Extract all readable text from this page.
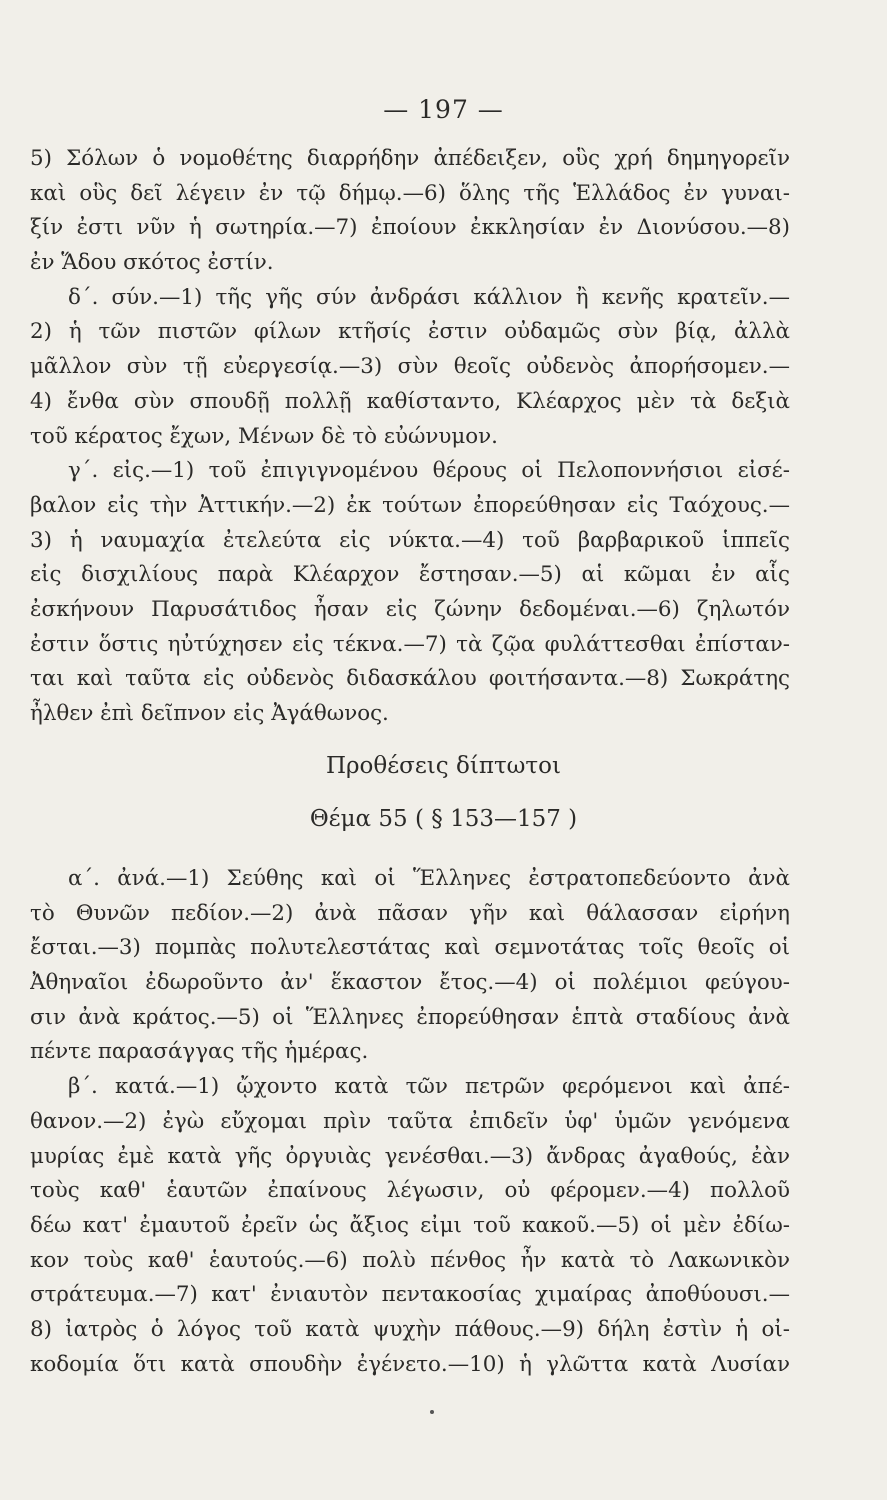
— 197 —
5) Σόλων ὁ νομοθέτης διαρρήδην ἀπέδειξεν, οὓς χρή δημηγορεῖν
καὶ οὓς δεῖ λέγειν ἐν τῷ δήμῳ.—6) ὅλης τῆς Ἑλλάδος ἐν γυναι-
ξίν ἐστι νῦν ἡ σωτηρία.—7) ἐποίουν ἐκκλησίαν ἐν Διονύσου.—8)
ἐν Ἅδου σκότος ἐστίν.
δ΄. σύν.—1) τῆς γῆς σύν ἀνδράσι κάλλιον ἢ κενῆς κρατεῖν.—
2) ἡ τῶν πιστῶν φίλων κτῆσίς ἐστιν οὐδαμῶς σὺν βίᾳ, ἀλλὰ
μᾶλλον σὺν τῇ εὐεργεσίᾳ.—3) σὺν θεοῖς οὐδενὸς ἀπορήσομεν.—
4) ἔνθα σὺν σπουδῇ πολλῇ καθίσταντο, Κλέαρχος μὲν τὰ δεξιὰ
τοῦ κέρατος ἔχων, Μένων δὲ τὸ εὐώνυμον.
γ΄. εἰς.—1) τοῦ ἐπιγιγνομένου θέρους οἱ Πελοποννήσιοι εἰσέ-
βαλον εἰς τὴν Ἀττικήν.—2) ἐκ τούτων ἐπορεύθησαν εἰς Ταόχους.—
3) ἡ ναυμαχία ἐτελεύτα εἰς νύκτα.—4) τοῦ βαρβαρικοῦ ἱππεῖς
εἰς δισχιλίους παρὰ Κλέαρχον ἔστησαν.—5) αἱ κῶμαι ἐν αἷς
ἐσκήνουν Παρυσάτιδος ἦσαν εἰς ζώνην δεδομέναι.—6) ζηλωτόν
ἐστιν ὅστις ηὐτύχησεν εἰς τέκνα.—7) τὰ ζῷα φυλάττεσθαι ἐπίσταν-
ται καὶ ταῦτα εἰς οὐδενὸς διδασκάλου φοιτήσαντα.—8) Σωκράτης
ἦλθεν ἐπὶ δεῖπνον εἰς Ἀγάθωνος.
Προθέσεις δίπτωτοι
Θέμα 55 ( § 153—157 )
α΄. ἀνά.—1) Σεύθης καὶ οἱ Ἕλληνες ἐστρατοπεδεύοντο ἀνὰ
τὸ Θυνῶν πεδίον.—2) ἀνὰ πᾶσαν γῆν καὶ θάλασσαν εἰρήνη
ἔσται.—3) πομπὰς πολυτελεστάτας καὶ σεμνοτάτας τοῖς θεοῖς οἱ
Ἀθηναῖοι ἐδωροῦντο ἀν' ἕκαστον ἔτος.—4) οἱ πολέμιοι φεύγου-
σιν ἀνὰ κράτος.—5) οἱ Ἕλληνες ἐπορεύθησαν ἑπτὰ σταδίους ἀνὰ
πέντε παρασάγγας τῆς ἡμέρας.
β΄. κατά.—1) ᾤχοντο κατὰ τῶν πετρῶν φερόμενοι καὶ ἀπέ-
θανον.—2) ἐγὼ εὔχομαι πρὶν ταῦτα ἐπιδεῖν ὑφ' ὑμῶν γενόμενα
μυρίας ἐμὲ κατὰ γῆς ὀργυιὰς γενέσθαι.—3) ἄνδρας ἀγαθούς, ἐὰν
τοὺς καθ' ἑαυτῶν ἐπαίνους λέγωσιν, οὐ φέρομεν.—4) πολλοῦ
δέω κατ' ἐμαυτοῦ ἐρεῖν ὡς ἄξιος εἰμι τοῦ κακοῦ.—5) οἱ μὲν ἐδίω-
κον τοὺς καθ' ἑαυτούς.—6) πολὺ πένθος ἦν κατὰ τὸ Λακωνικὸν
στράτευμα.—7) κατ' ἐνιαυτὸν πεντακοσίας χιμαίρας ἀποθύουσι.—
8) ἰατρὸς ὁ λόγος τοῦ κατὰ ψυχὴν πάθους.—9) δήλη ἐστὶν ἡ οἰ-
κοδομία ὅτι κατὰ σπουδὴν ἐγένετο.—10) ἡ γλῶττα κατὰ Λυσίαν
